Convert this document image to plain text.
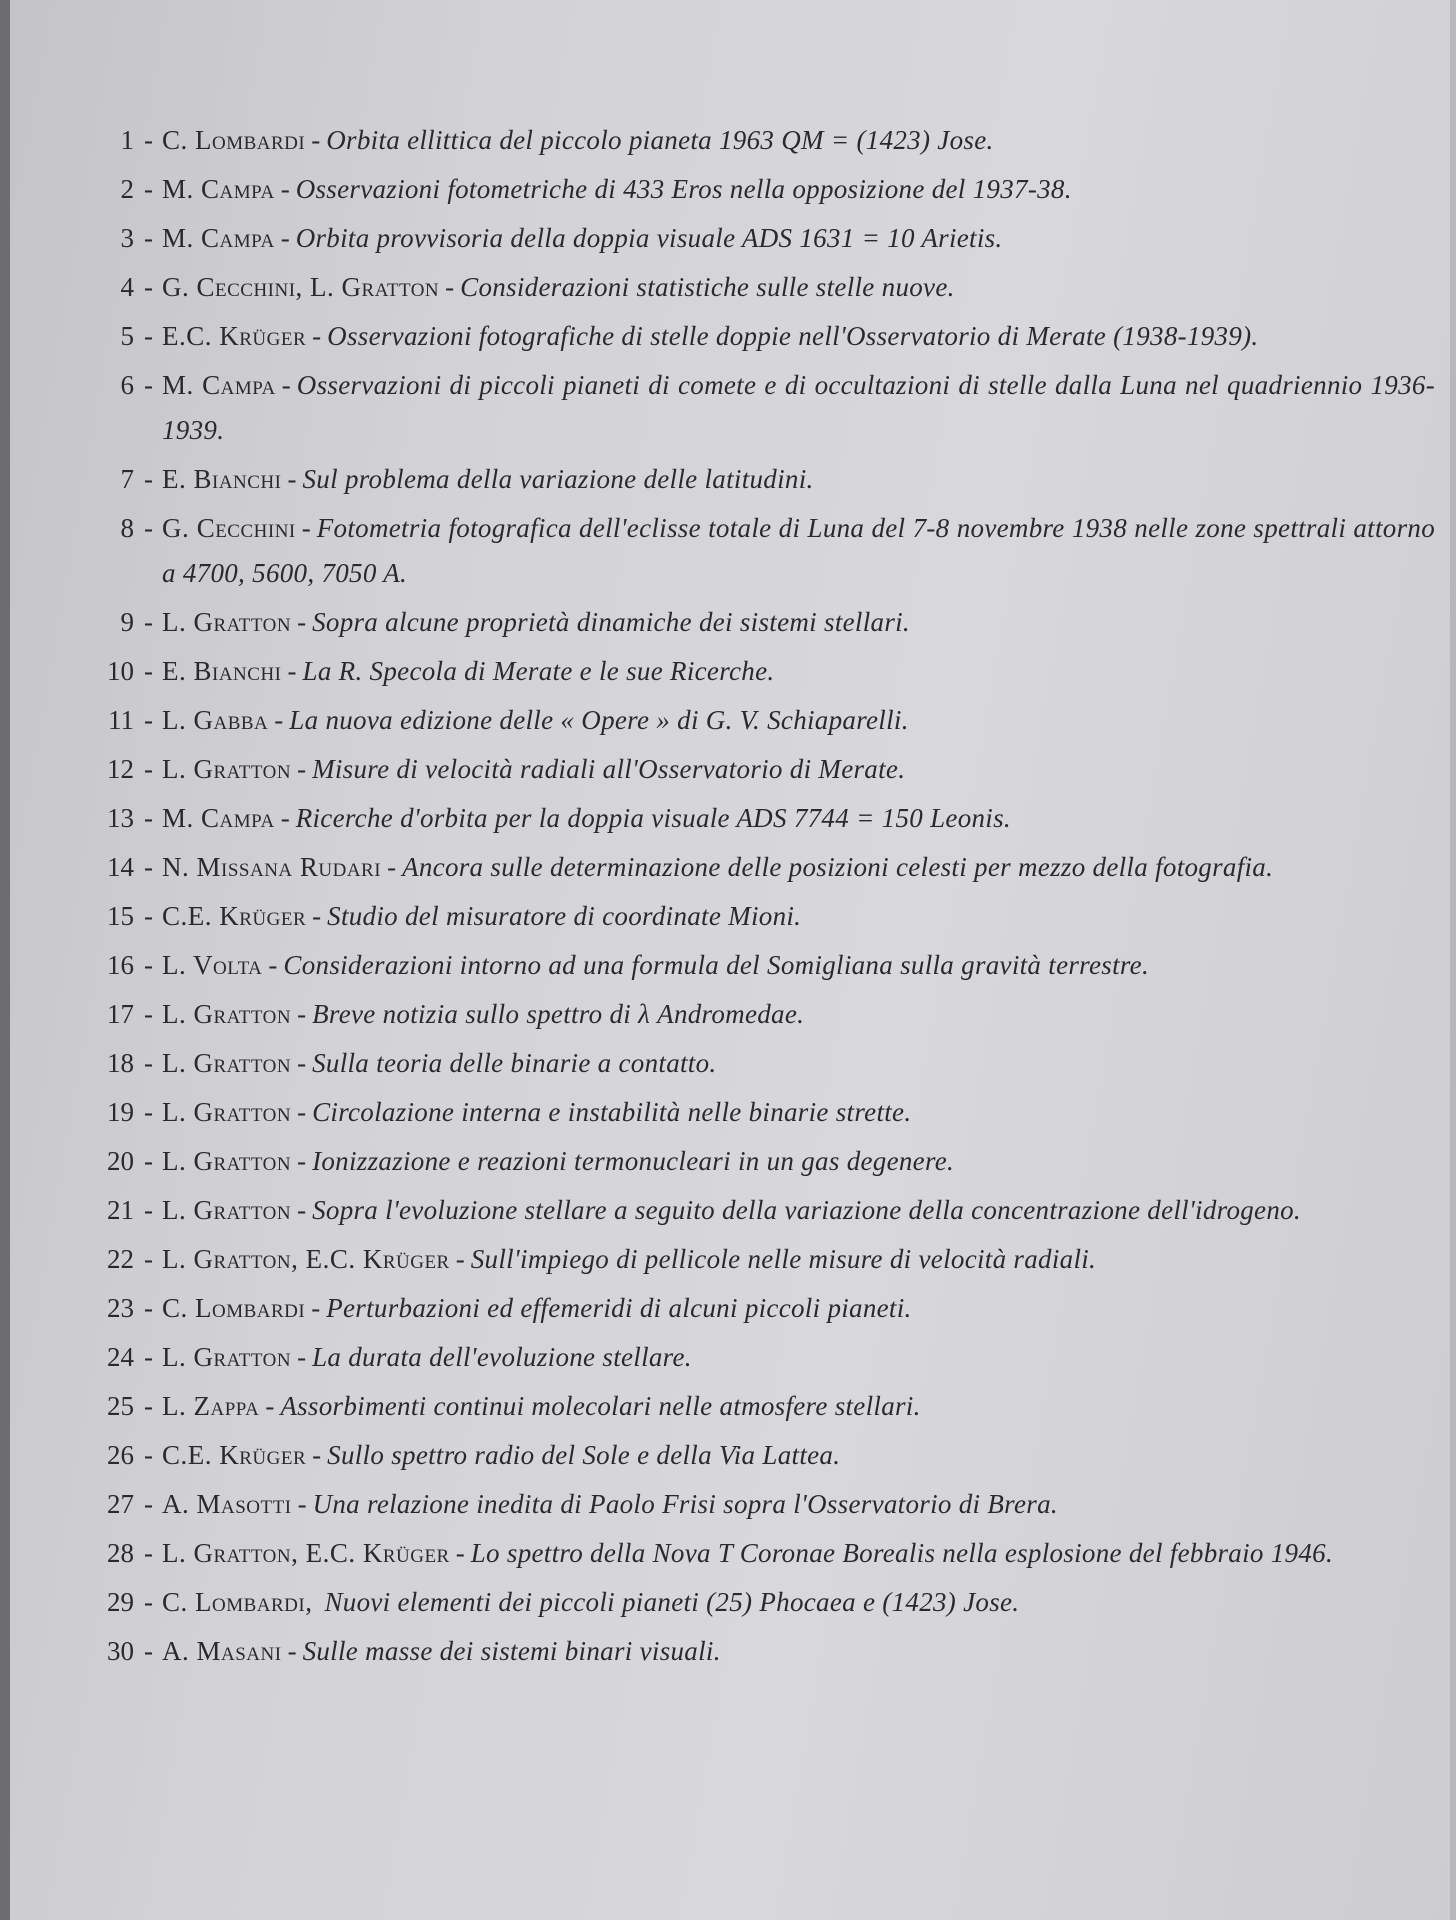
1 - C. Lombardi - Orbita ellittica del piccolo pianeta 1963 QM = (1423) Jose.
2 - M. Campa - Osservazioni fotometriche di 433 Eros nella opposizione del 1937-38.
3 - M. Campa - Orbita provvisoria della doppia visuale ADS 1631 = 10 Arietis.
4 - G. Cecchini, L. Gratton - Considerazioni statistiche sulle stelle nuove.
5 - E.C. Krüger - Osservazioni fotografiche di stelle doppie nell'Osservatorio di Merate (1938-1939).
6 - M. Campa - Osservazioni di piccoli pianeti di comete e di occultazioni di stelle dalla Luna nel quadriennio 1936-1939.
7 - E. Bianchi - Sul problema della variazione delle latitudini.
8 - G. Cecchini - Fotometria fotografica dell'eclisse totale di Luna del 7-8 novembre 1938 nelle zone spettrali attorno a 4700, 5600, 7050 A.
9 - L. Gratton - Sopra alcune proprietà dinamiche dei sistemi stellari.
10 - E. Bianchi - La R. Specola di Merate e le sue Ricerche.
11 - L. Gabba - La nuova edizione delle « Opere » di G. V. Schiaparelli.
12 - L. Gratton - Misure di velocità radiali all'Osservatorio di Merate.
13 - M. Campa - Ricerche d'orbita per la doppia visuale ADS 7744 = 150 Leonis.
14 - N. Missana Rudari - Ancora sulle determinazione delle posizioni celesti per mezzo della fotografia.
15 - C.E. Krüger - Studio del misuratore di coordinate Mioni.
16 - L. Volta - Considerazioni intorno ad una formula del Somigliana sulla gravità terrestre.
17 - L. Gratton - Breve notizia sullo spettro di λ Andromedae.
18 - L. Gratton - Sulla teoria delle binarie a contatto.
19 - L. Gratton - Circolazione interna e instabilità nelle binarie strette.
20 - L. Gratton - Ionizzazione e reazioni termonucleari in un gas degenere.
21 - L. Gratton - Sopra l'evoluzione stellare a seguito della variazione della concentrazione dell'idrogeno.
22 - L. Gratton, E.C. Krüger - Sull'impiego di pellicole nelle misure di velocità radiali.
23 - C. Lombardi - Perturbazioni ed effemeridi di alcuni piccoli pianeti.
24 - L. Gratton - La durata dell'evoluzione stellare.
25 - L. Zappa - Assorbimenti continui molecolari nelle atmosfere stellari.
26 - C.E. Krüger - Sullo spettro radio del Sole e della Via Lattea.
27 - A. Masotti - Una relazione inedita di Paolo Frisi sopra l'Osservatorio di Brera.
28 - L. Gratton, E.C. Krüger - Lo spettro della Nova T Coronae Borealis nella esplosione del febbraio 1946.
29 - C. Lombardi, Nuovi elementi dei piccoli pianeti (25) Phocaea e (1423) Jose.
30 - A. Masani - Sulle masse dei sistemi binari visuali.
